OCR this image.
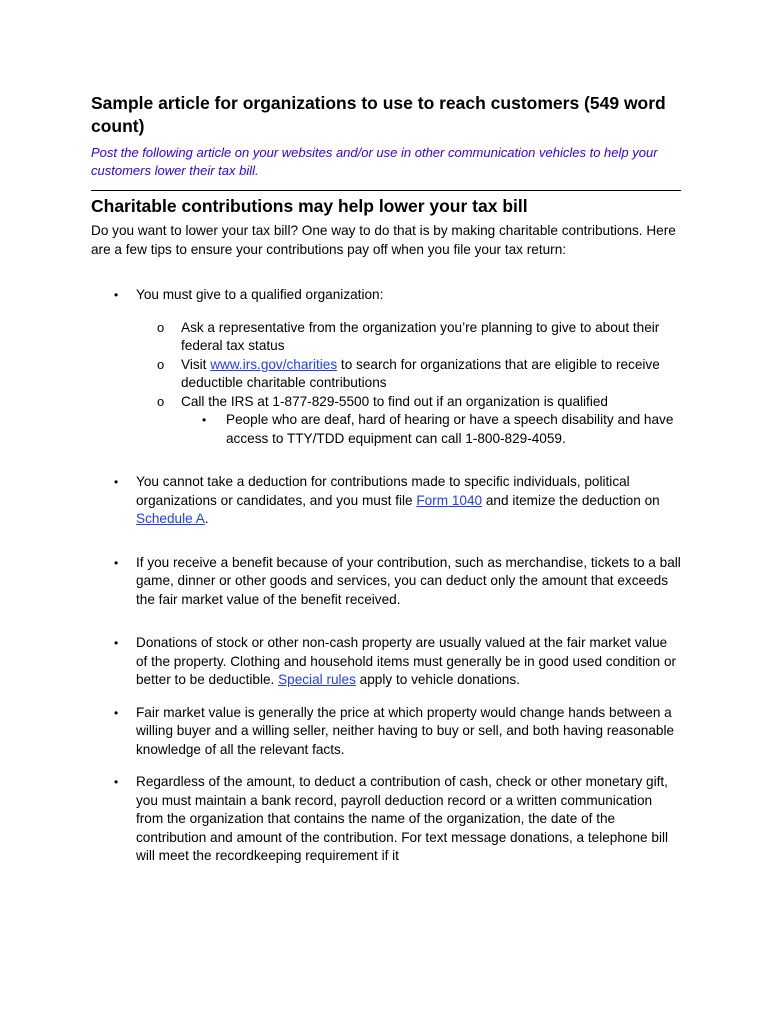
Sample article for organizations to use to reach customers (549 word count)

Post the following article on your websites and/or use in other communication vehicles to help your customers lower their tax bill.

Charitable contributions may help lower your tax bill

Do you want to lower your tax bill? One way to do that is by making charitable contributions. Here are a few tips to ensure your contributions pay off when you file your tax return:

• You must give to a qualified organization:
o Ask a representative from the organization you’re planning to give to about their federal tax status
o Visit www.irs.gov/charities to search for organizations that are eligible to receive deductible charitable contributions
o Call the IRS at 1-877-829-5500 to find out if an organization is qualified
• People who are deaf, hard of hearing or have a speech disability and have access to TTY/TDD equipment can call 1-800-829-4059.
• You cannot take a deduction for contributions made to specific individuals, political organizations or candidates, and you must file Form 1040 and itemize the deduction on Schedule A.
• If you receive a benefit because of your contribution, such as merchandise, tickets to a ball game, dinner or other goods and services, you can deduct only the amount that exceeds the fair market value of the benefit received.
• Donations of stock or other non-cash property are usually valued at the fair market value of the property. Clothing and household items must generally be in good used condition or better to be deductible. Special rules apply to vehicle donations.
• Fair market value is generally the price at which property would change hands between a willing buyer and a willing seller, neither having to buy or sell, and both having reasonable knowledge of all the relevant facts.
• Regardless of the amount, to deduct a contribution of cash, check or other monetary gift, you must maintain a bank record, payroll deduction record or a written communication from the organization that contains the name of the organization, the date of the contribution and amount of the contribution. For text message donations, a telephone bill will meet the recordkeeping requirement if it
